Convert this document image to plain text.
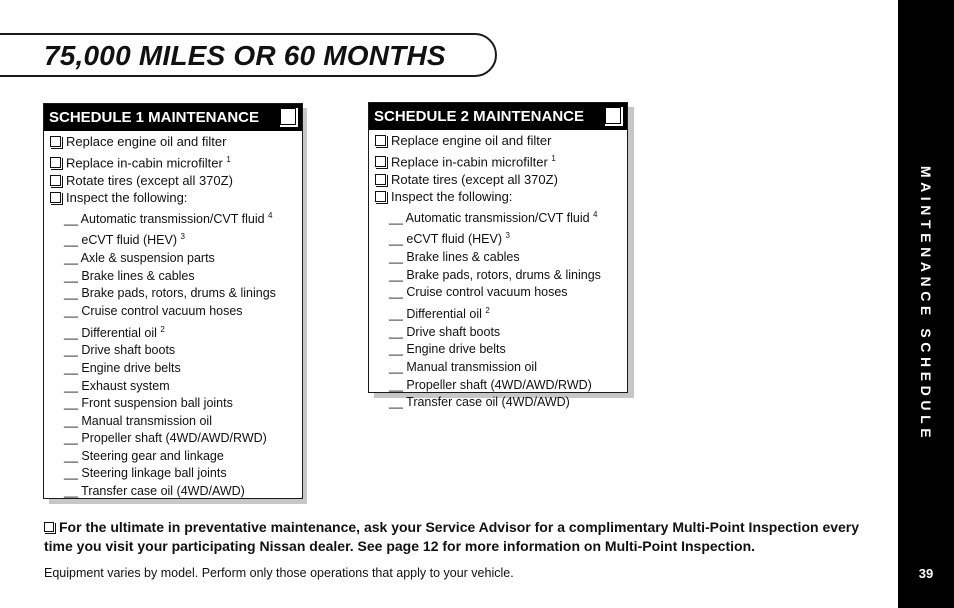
75,000 MILES OR 60 MONTHS
SCHEDULE 1 MAINTENANCE
Replace engine oil and filter
Replace in-cabin microfilter $^1$
Rotate tires (except all 370Z)
Inspect the following:
__ Automatic transmission/CVT fluid $^4$
__ eCVT fluid (HEV) $^3$
__ Axle & suspension parts
__ Brake lines & cables
__ Brake pads, rotors, drums & linings
__ Cruise control vacuum hoses
__ Differential oil $^2$
__ Drive shaft boots
__ Engine drive belts
__ Exhaust system
__ Front suspension ball joints
__ Manual transmission oil
__ Propeller shaft (4WD/AWD/RWD)
__ Steering gear and linkage
__ Steering linkage ball joints
__ Transfer case oil (4WD/AWD)
SCHEDULE 2 MAINTENANCE
Replace engine oil and filter
Replace in-cabin microfilter $^1$
Rotate tires (except all 370Z)
Inspect the following:
__ Automatic transmission/CVT fluid $^4$
__ eCVT fluid (HEV) $^3$
__ Brake lines & cables
__ Brake pads, rotors, drums & linings
__ Cruise control vacuum hoses
__ Differential oil $^2$
__ Drive shaft boots
__ Engine drive belts
__ Manual transmission oil
__ Propeller shaft (4WD/AWD/RWD)
__ Transfer case oil (4WD/AWD)

For the ultimate in preventative maintenance, ask your Service Advisor for a complimentary Multi-Point Inspection every time you visit your participating Nissan dealer. See page 12 for more information on Multi-Point Inspection.

Equipment varies by model. Perform only those operations that apply to your vehicle.

MAINTENANCE SCHEDULE
39
